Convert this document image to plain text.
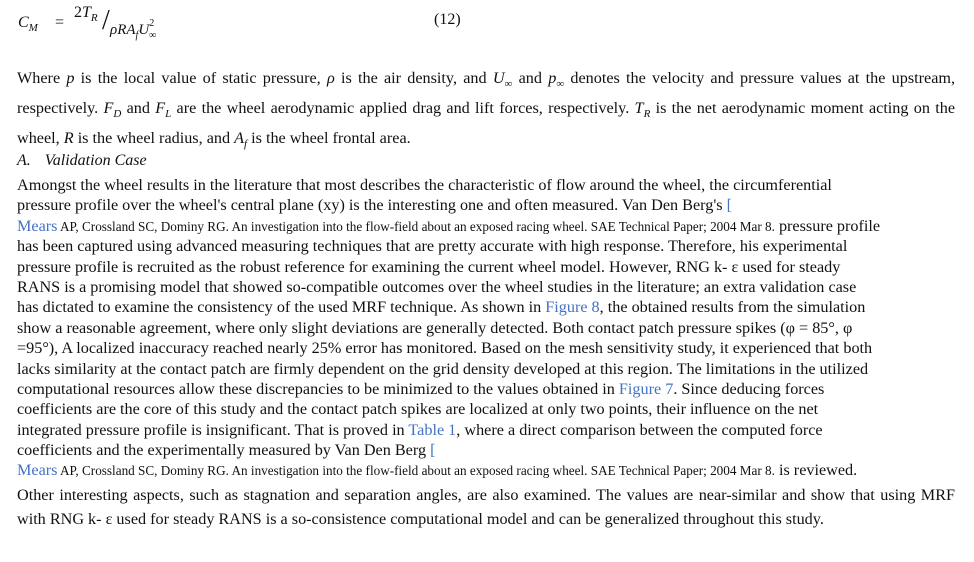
$C_M$ =
$2T_R / \rho RA_fU_\infty^2$	(12)
Where p is the local value of static pressure, ρ is the air density, and $U_\infty$ and $p_\infty$ denotes the velocity and pressure values at the upstream, respectively. $F_D$ and $F_L$ are the wheel aerodynamic applied drag and lift forces, respectively. $T_R$ is the net aerodynamic moment acting on the wheel, R is the wheel radius, and $A_f$ is the wheel frontal area.
A. Validation Case
Amongst the wheel results in the literature that most describes the characteristic of flow around the wheel, the circumferential
pressure profile over the wheel's central plane (xy) is the interesting one and often measured. Van Den Berg's [
Mears AP, Crossland SC, Dominy RG. An investigation into the flow-field about an exposed racing wheel. SAE Technical Paper; 2004 Mar 8. pressure profile
has been captured using advanced measuring techniques that are pretty accurate with high response. Therefore, his experimental
pressure profile is recruited as the robust reference for examining the current wheel model. However, RNG k- ε used for steady
RANS is a promising model that showed so-compatible outcomes over the wheel studies in the literature; an extra validation case
has dictated to examine the consistency of the used MRF technique. As shown in Figure 8, the obtained results from the simulation
show a reasonable agreement, where only slight deviations are generally detected. Both contact patch pressure spikes (φ = 85°, φ
=95°), A localized inaccuracy reached nearly 25% error has monitored. Based on the mesh sensitivity study, it experienced that both
lacks similarity at the contact patch are firmly dependent on the grid density developed at this region. The limitations in the utilized
computational resources allow these discrepancies to be minimized to the values obtained in Figure 7. Since deducing forces
coefficients are the core of this study and the contact patch spikes are localized at only two points, their influence on the net
integrated pressure profile is insignificant. That is proved in Table 1, where a direct comparison between the computed force
coefficients and the experimentally measured by Van Den Berg [
Mears AP, Crossland SC, Dominy RG. An investigation into the flow-field about an exposed racing wheel. SAE Technical Paper; 2004 Mar 8. is reviewed.
Other interesting aspects, such as stagnation and separation angles, are also examined. The values are near-similar and show that using MRF with RNG k- ε used for steady RANS is a so-consistence computational model and can be generalized throughout this study.
